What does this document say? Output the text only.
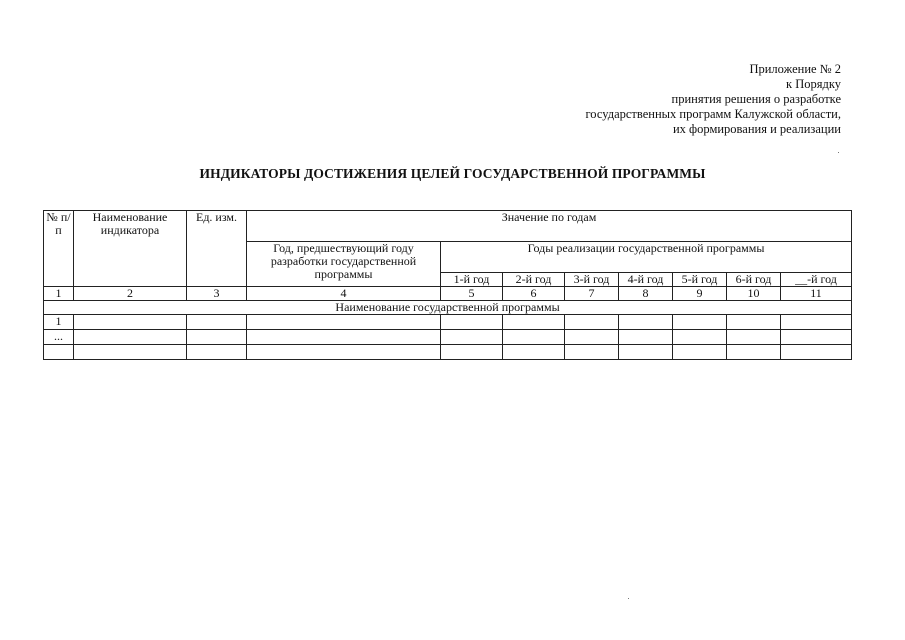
Приложение № 2
к Порядку
принятия решения о разработке
государственных программ Калужской области,
их формирования и реализации
ИНДИКАТОРЫ ДОСТИЖЕНИЯ ЦЕЛЕЙ ГОСУДАРСТВЕННОЙ ПРОГРАММЫ
№ п/п	Наименование индикатора	Ед. изм.	Значение по годам							
			Год, предшествующий году разработки государственной программы	Годы реализации государственной программы						
				1-й год	2-й год	3-й год	4-й год	5-й год	6-й год	__-й год
1	2	3	4	5	6	7	8	9	10	11
Наименование государственной программы										
1										
...										
